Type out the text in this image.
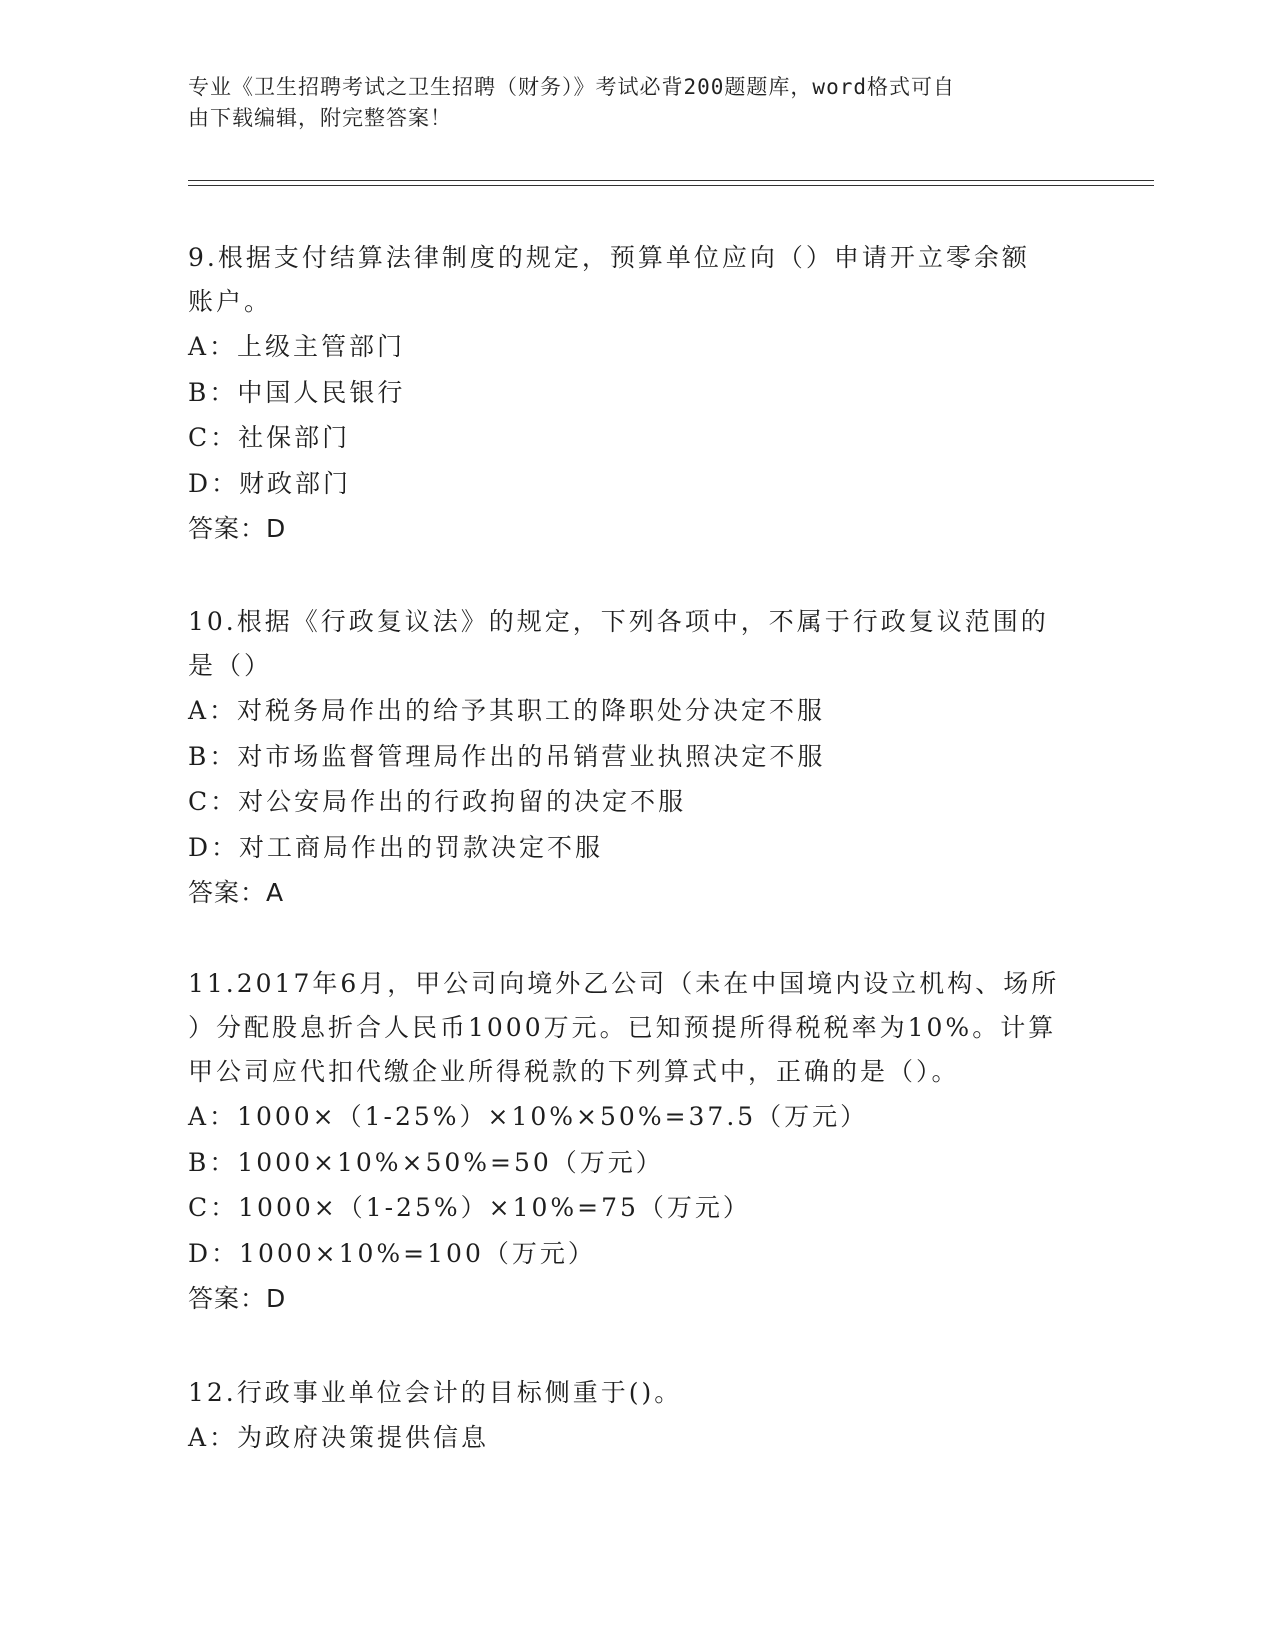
专业《卫生招聘考试之卫生招聘（财务）》考试必背200题题库，word格式可自
由下载编辑，附完整答案！

9.根据支付结算法律制度的规定，预算单位应向（）申请开立零余额

账户。

A：上级主管部门

B：中国人民银行

C：社保部门

D：财政部门

答案：D

10.根据《行政复议法》的规定，下列各项中，不属于行政复议范围的

是（）

A：对税务局作出的给予其职工的降职处分决定不服

B：对市场监督管理局作出的吊销营业执照决定不服

C：对公安局作出的行政拘留的决定不服

D：对工商局作出的罚款决定不服

答案：A

11.2017年6月，甲公司向境外乙公司（未在中国境内设立机构、场所

）分配股息折合人民币1000万元。已知预提所得税税率为10%。计算

甲公司应代扣代缴企业所得税款的下列算式中，正确的是（）。

A：1000×（1-25%）×10%×50%=37.5（万元）

B：1000×10%×50%=50（万元）

C：1000×（1-25%）×10%=75（万元）

D：1000×10%=100（万元）

答案：D

12.行政事业单位会计的目标侧重于()。

A：为政府决策提供信息
